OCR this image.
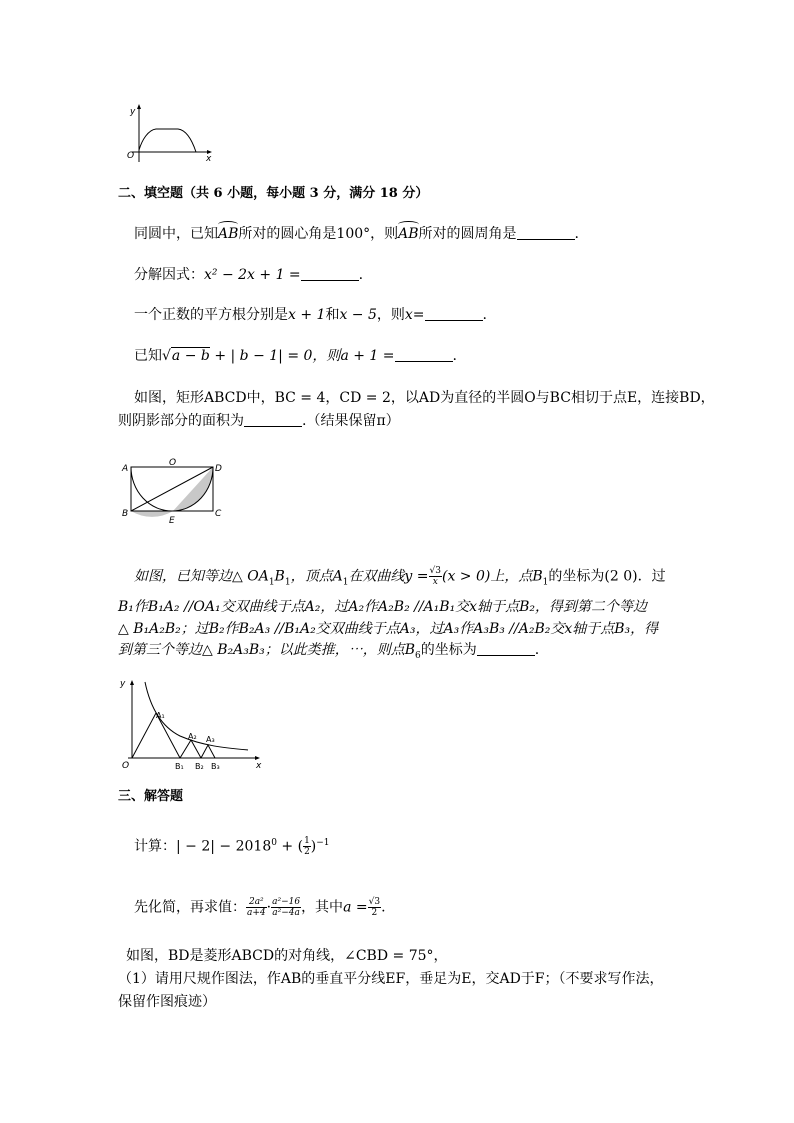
y
O	x
二、填空题（共 6 小题，每小题 3 分，满分 18 分）
同圆中，已知AB所对的圆心角是100°，则AB所对的圆周角是	.
分解因式：x² − 2x + 1 =	.
一个正数的平方根分别是x + 1和x − 5，则x=	.
已知√a − b + | b − 1| = 0，则a + 1 =	.
如图，矩形ABCD中，BC = 4，CD = 2，以AD为直径的半圆O与BC相切于点E，连接BD，
则阴影部分的面积为	.（结果保留π）
A
O
D
B
E
C
如图，已知等边△ $OA_1B_1$，顶点$A_1$在双曲线$y = \frac{√3}{x} (x > 0)$上，点$B_1$的坐标为(2 0)．过
B₁作B₁A₂ //OA₁交双曲线于点A₂，过A₂作A₂B₂ //A₁B₁交x轴于点B₂，得到第二个等边
△ B₁A₂B₂；过B₂作B₂A₃ //B₁A₂交双曲线于点A₃，过A₃作A₃B₃ //A₂B₂交x轴于点B₃，得
到第三个等边△ B₂A₃B₃；以此类推，⋯，则点$B_6$的坐标为	.
y
O	x
A₁
A₂ A₃
B₁ B₂ B₃
三、解答题
计算：| − $2| - 2018^0$ + ( $\frac{1}{2} )^{-1}$
先化简，再求值： $\frac{\text{2a²}}{a+4} \cdot \frac{\text{a²−16}}{\text{a²−4a}}$ ，其中$a = \frac{√3}{2}$ .
如图，BD是菱形ABCD的对角线，∠CBD = 75°，
（1）请用尺规作图法，作AB的垂直平分线EF，垂足为E，交AD于F；（不要求写作法，
保留作图痕迹）
